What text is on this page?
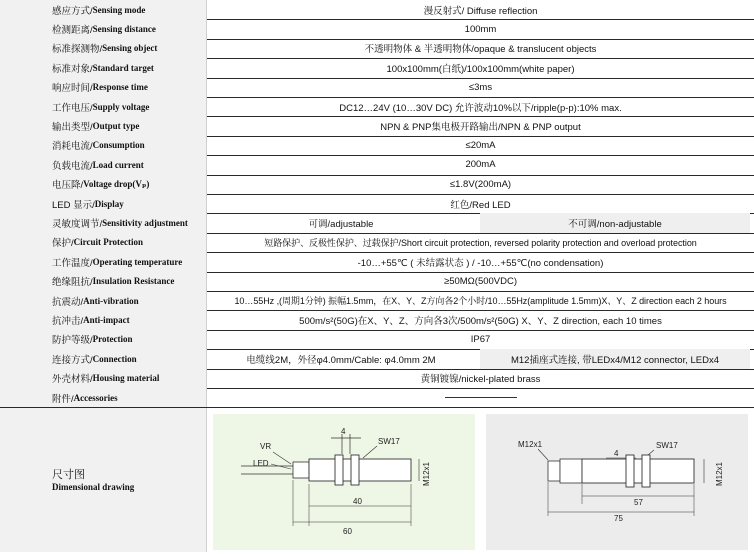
感应方式/ Sensing mode	漫反射式/ Diffuse reflection
检测距离/ Sensing distance	100mm
标准探测物/ Sensing object	不透明物体 & 半透明物体/opaque & translucent objects
标准对象/ Standard target	100x100mm(白纸)/100x100mm(white paper)
响应时间/ Response time	≤3ms
工作电压/ Supply voltage	DC12…24V (10…30V DC) 允许波动10%以下/ripple(p-p):10% max.
输出类型/ Output type	NPN & PNP集电极开路输出/NPN & PNP output
消耗电流/ Consumption	≤20mA
负载电流/ Load current	200mA
电压降/ Voltage drop(Vₚ)	≤1.8V(200mA)
LED 显示/ Display	红色/Red LED
灵敏度调节/ Sensitivity adjustment	可调/adjustable	不可调/non-adjustable
保护/ Circuit Protection	短路保护、反极性保护、过载保护/Short circuit protection, reversed polarity protection and overload protection
工作温度/ Operating temperature	-10…+55℃ ( 未结露状态 ) / -10…+55℃(no condensation)
绝缘阻抗/ Insulation Resistance	≥50MΩ(500VDC)
抗震动/ Anti-vibration	10…55Hz ,(周期1分钟) 振幅1.5mm，在X、Y、Z方向各2个小时/10…55Hz(amplitude 1.5mm)X、Y、Z direction each 2 hours
抗冲击/ Anti-impact	500m/s²(50G)在X、Y、Z、方向各3次/500m/s²(50G) X、Y、Z direction, each 10 times
防护等级/ Protection	IP67
连接方式/ Connection	电缆线2M，外径φ4.0mm/Cable: φ4.0mm 2M	M12插座式连接, 带LEDx4/M12 connector, LEDx4
外壳材料/ Housing material	黄铜镀镍/nickel-plated brass
附件/ Accessories
尺寸图
Dimensional drawing
4
SW17
VR
LED	M12x1
40
60
M12x1
4
SW17
M12x1
57
75
